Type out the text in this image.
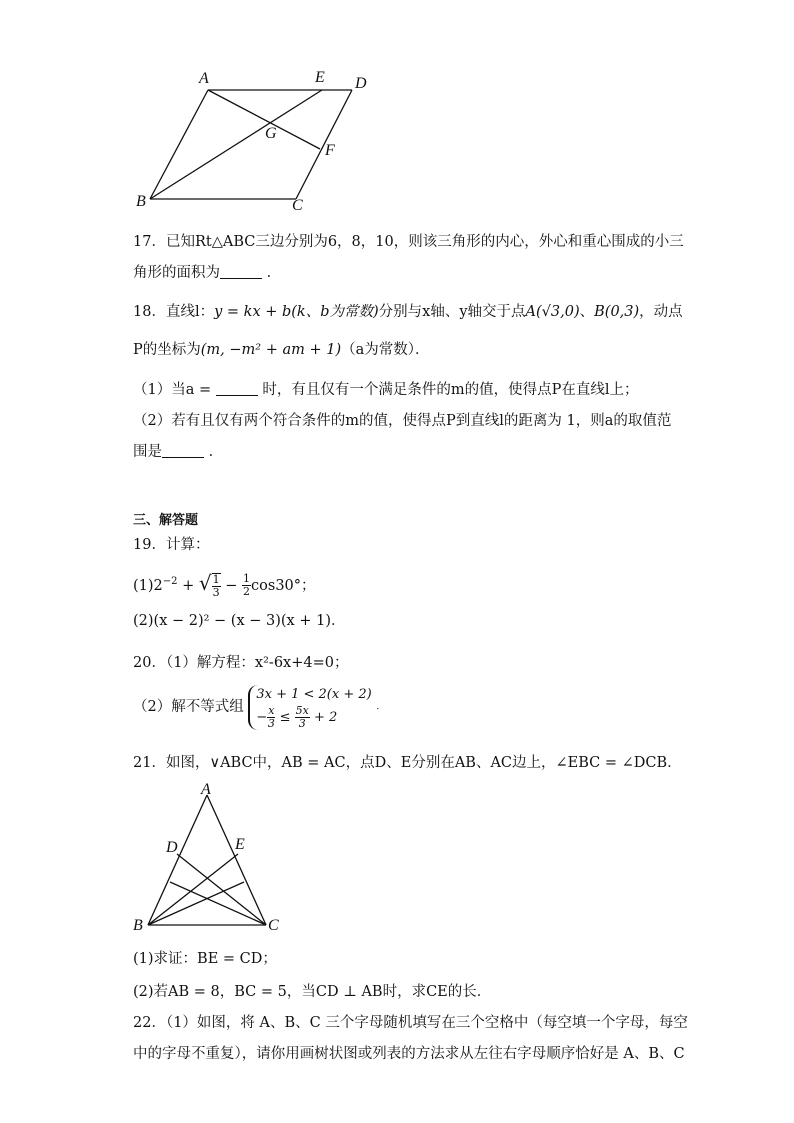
A	E D
G
F
B	C
17．已知Rt△ABC三边分别为6，8，10，则该三角形的内心，外心和重心围成的小三
角形的面积为	．
18．直线l：y = kx + b(k、b为常数)分别与x轴、y轴交于点A(√3,0)、B(0,3)，动点
P的坐标为(m, −m² + am + 1)（a为常数）．
（1）当a =	时，有且仅有一个满足条件的m的值，使得点P在直线l上；
（2）若有且仅有两个符合条件的m的值，使得点P到直线l的距离为 1，则a的取值范
围是	．
三、解答题
19．计算：
$(1)2^{-2}$ + √ $\frac{1}{3} - \frac{1}{2} \cos 30^\circ$；
(2)(x − 2)² − (x − 3)(x + 1)．
20．（1）解方程：x²-6x+4=0；
（2）解不等式组
3x + 1 < 2(x + 2)
− $\frac{x}{3} \le \frac{5x}{3} + 2$
．
21．如图，∨ABC中，AB = AC，点D、E分别在AB、AC边上，∠EBC = ∠DCB．
A
D	E
B	C
(1)求证：BE = CD；
(2)若AB = 8，BC = 5，当CD ⊥ AB时，求CE的长．
22．（1）如图，将 A、B、C 三个字母随机填写在三个空格中（每空填一个字母，每空
中的字母不重复），请你用画树状图或列表的方法求从左往右字母顺序恰好是 A、B、C
